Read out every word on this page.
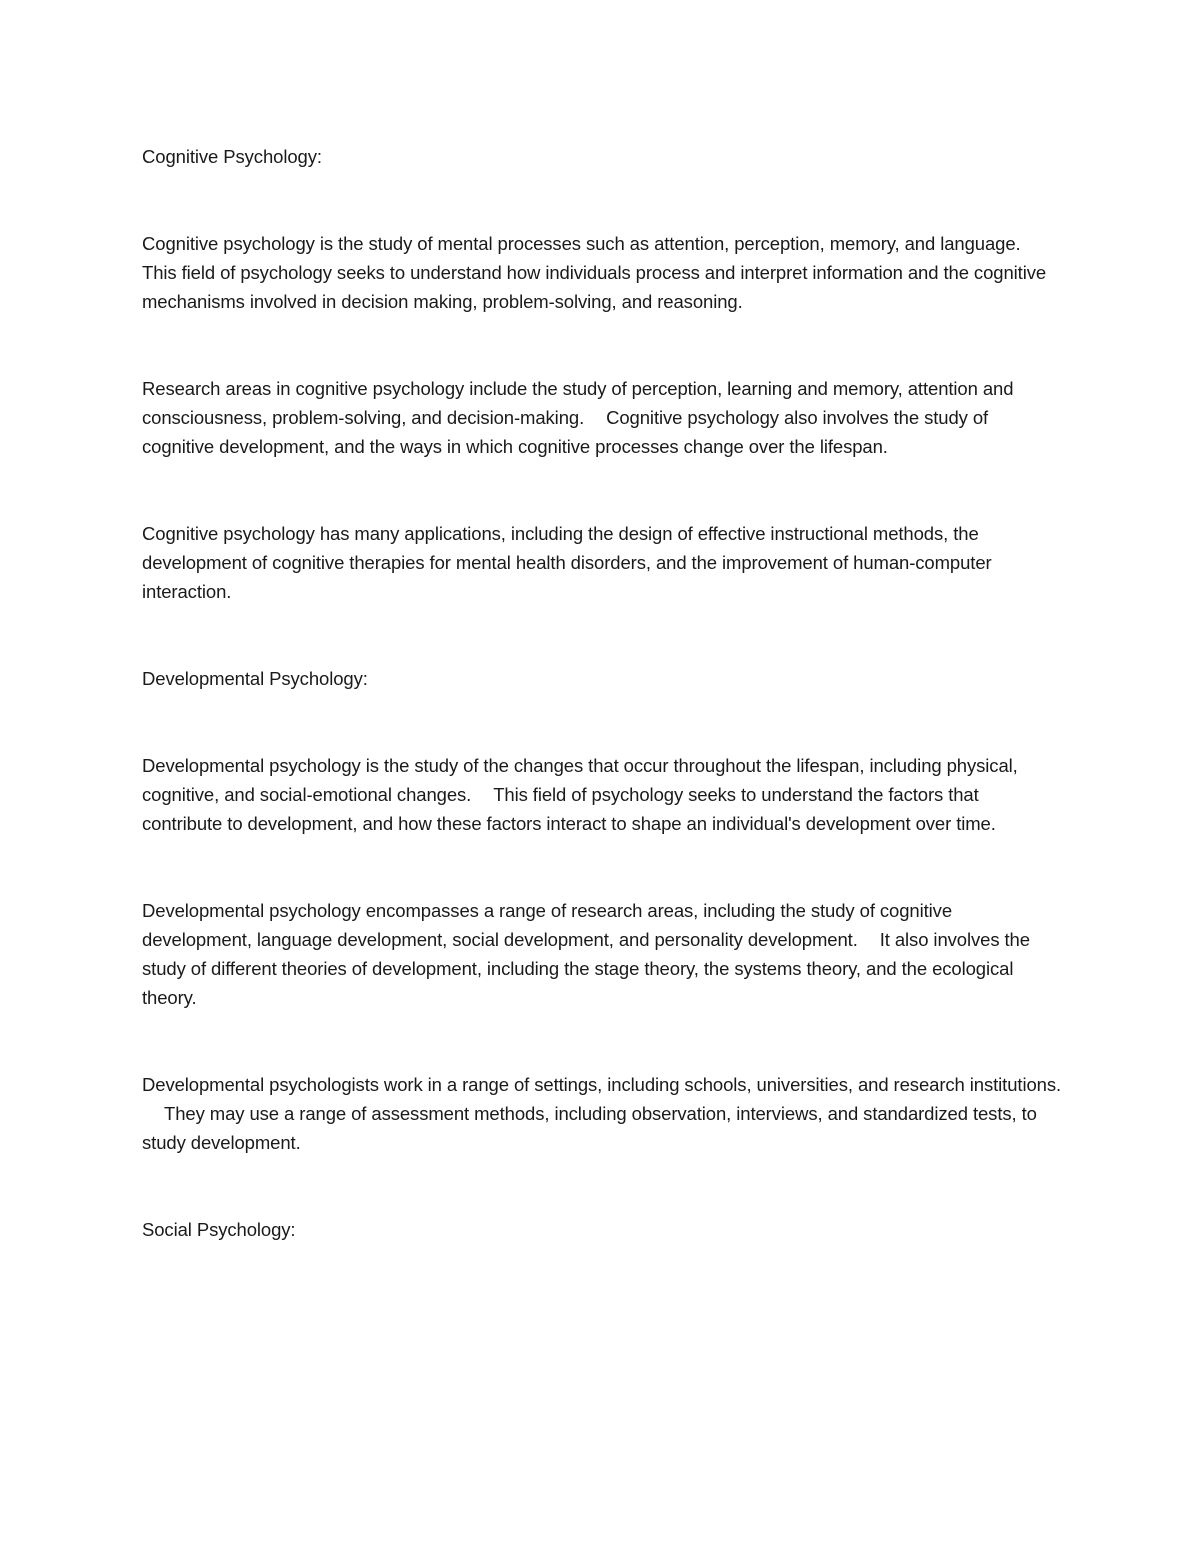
Cognitive Psychology:
Cognitive psychology is the study of mental processes such as attention, perception, memory, and language.This field of psychology seeks to understand how individuals process and interpret information and the cognitive mechanisms involved in decision making, problem-solving, and reasoning.
Research areas in cognitive psychology include the study of perception, learning and memory, attention and consciousness, problem-solving, and decision-making. Cognitive psychology also involves the study of cognitive development, and the ways in which cognitive processes change over the lifespan.
Cognitive psychology has many applications, including the design of effective instructional methods, the development of cognitive therapies for mental health disorders, and the improvement of human-computer interaction.
Developmental Psychology:
Developmental psychology is the study of the changes that occur throughout the lifespan, including physical, cognitive, and social-emotional changes. This field of psychology seeks to understand the factors that contribute to development, and how these factors interact to shape an individual's development over time.
Developmental psychology encompasses a range of research areas, including the study of cognitive development, language development, social development, and personality development. It also involves the study of different theories of development, including the stage theory, the systems theory, and the ecological theory.
Developmental psychologists work in a range of settings, including schools, universities, and research institutions.They may use a range of assessment methods, including observation, interviews, and standardized tests, to study development.
Social Psychology:
